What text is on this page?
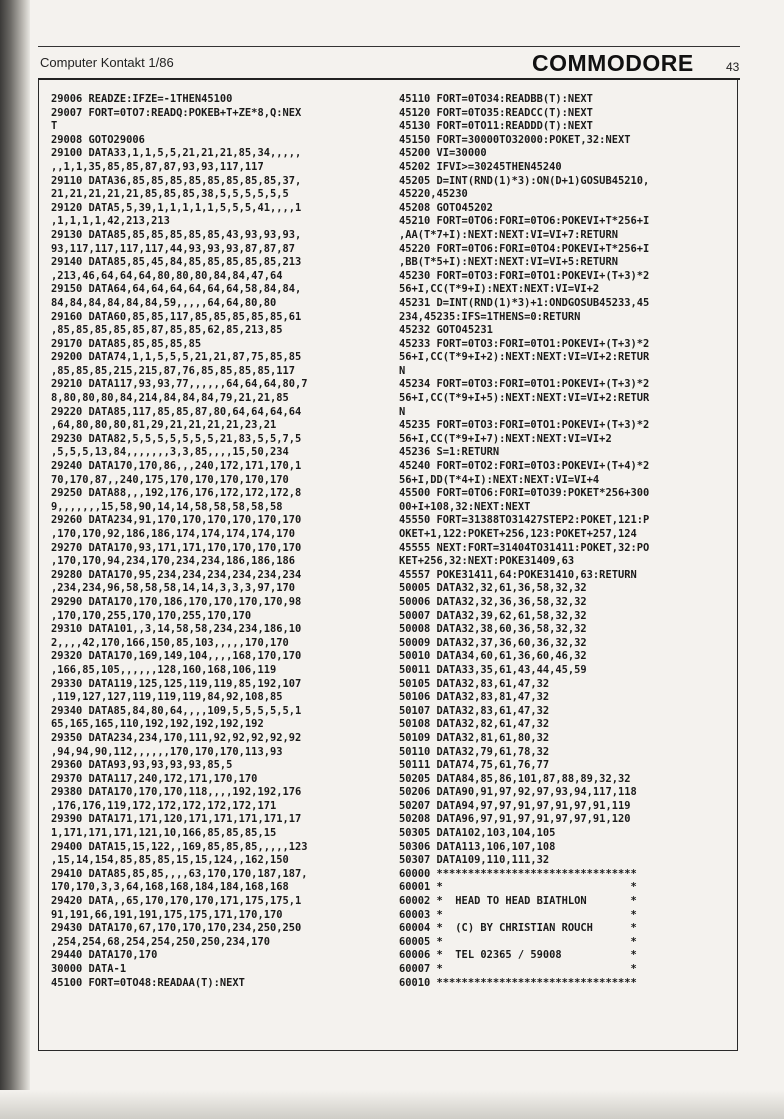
Computer Kontakt 1/86	COMMODORE	43
29006 READZE:IFZE=-1THEN45100
29007 FORT=0TO7:READQ:POKEB+T+ZE*8,Q:NEX
T
29008 GOTO29006
29100 DATA33,1,1,5,5,21,21,21,85,34,,,,,
,,1,1,35,85,85,87,87,93,93,117,117
29110 DATA36,85,85,85,85,85,85,85,85,37,
21,21,21,21,21,85,85,85,38,5,5,5,5,5,5
29120 DATA5,5,39,1,1,1,1,1,5,5,5,41,,,,1
,1,1,1,1,42,213,213
29130 DATA85,85,85,85,85,85,43,93,93,93,
93,117,117,117,117,44,93,93,93,87,87,87
29140 DATA85,85,45,84,85,85,85,85,85,213
,213,46,64,64,64,80,80,80,84,84,47,64
29150 DATA64,64,64,64,64,64,64,58,84,84,
84,84,84,84,84,84,59,,,,,64,64,80,80
29160 DATA60,85,85,117,85,85,85,85,85,61
,85,85,85,85,85,87,85,85,62,85,213,85
29170 DATA85,85,85,85,85
29200 DATA74,1,1,5,5,5,21,21,87,75,85,85
,85,85,85,215,215,87,76,85,85,85,85,117
29210 DATA117,93,93,77,,,,,,64,64,64,80,7
8,80,80,80,84,214,84,84,84,79,21,21,85
29220 DATA85,117,85,85,87,80,64,64,64,64
,64,80,80,80,81,29,21,21,21,21,23,21
29230 DATA82,5,5,5,5,5,5,5,21,83,5,5,7,5
,5,5,5,13,84,,,,,,,3,3,85,,,,15,50,234
29240 DATA170,170,86,,,240,172,171,170,1
70,170,87,,240,175,170,170,170,170,170
29250 DATA88,,,192,176,176,172,172,172,8
9,,,,,,,15,58,90,14,14,58,58,58,58,58
29260 DATA234,91,170,170,170,170,170,170
,170,170,92,186,186,174,174,174,174,170
29270 DATA170,93,171,171,170,170,170,170
,170,170,94,234,170,234,234,186,186,186
29280 DATA170,95,234,234,234,234,234,234
,234,234,96,58,58,58,14,14,3,3,3,97,170
29290 DATA170,170,186,170,170,170,170,98
,170,170,255,170,170,255,170,170
29310 DATA101,,3,14,58,58,234,234,186,10
2,,,,42,170,166,150,85,103,,,,,170,170
29320 DATA170,169,149,104,,,,168,170,170
,166,85,105,,,,,,128,160,168,106,119
29330 DATA119,125,125,119,119,85,192,107
,119,127,127,119,119,119,84,92,108,85
29340 DATA85,84,80,64,,,,109,5,5,5,5,5,1
65,165,165,110,192,192,192,192,192
29350 DATA234,234,170,111,92,92,92,92,92
,94,94,90,112,,,,,,170,170,170,113,93
29360 DATA93,93,93,93,93,85,5
29370 DATA117,240,172,171,170,170
29380 DATA170,170,170,118,,,,192,192,176
,176,176,119,172,172,172,172,172,171
29390 DATA171,171,120,171,171,171,171,17
1,171,171,171,121,10,166,85,85,85,15
29400 DATA15,15,122,,169,85,85,85,,,,,123
,15,14,154,85,85,85,15,15,124,,162,150
29410 DATA85,85,85,,,,63,170,170,187,187,
170,170,3,3,64,168,168,184,184,168,168
29420 DATA,,65,170,170,170,171,175,175,1
91,191,66,191,191,175,175,171,170,170
29430 DATA170,67,170,170,170,234,250,250
,254,254,68,254,254,250,250,234,170
29440 DATA170,170
30000 DATA-1
45100 FORT=0TO48:READAA(T):NEXT
45110 FORT=0TO34:READBB(T):NEXT
45120 FORT=0TO35:READCC(T):NEXT
45130 FORT=0TO11:READDD(T):NEXT
45150 FORT=30000TO32000:POKET,32:NEXT
45200 VI=30000
45202 IFVI>=30245THEN45240
45205 D=INT(RND(1)*3):ON(D+1)GOSUB45210,
45220,45230
45208 GOTO45202
45210 FORT=0TO6:FORI=0TO6:POKEVI+T*256+I
,AA(T*7+I):NEXT:NEXT:VI=VI+7:RETURN
45220 FORT=0TO6:FORI=0TO4:POKEVI+T*256+I
,BB(T*5+I):NEXT:NEXT:VI=VI+5:RETURN
45230 FORT=0TO3:FORI=0TO1:POKEVI+(T+3)*2
56+I,CC(T*9+I):NEXT:NEXT:VI=VI+2
45231 D=INT(RND(1)*3)+1:ONDGOSUB45233,45
234,45235:IFS=1THENS=0:RETURN
45232 GOTO45231
45233 FORT=0TO3:FORI=0TO1:POKEVI+(T+3)*2
56+I,CC(T*9+I+2):NEXT:NEXT:VI=VI+2:RETUR
N
45234 FORT=0TO3:FORI=0TO1:POKEVI+(T+3)*2
56+I,CC(T*9+I+5):NEXT:NEXT:VI=VI+2:RETUR
N
45235 FORT=0TO3:FORI=0TO1:POKEVI+(T+3)*2
56+I,CC(T*9+I+7):NEXT:NEXT:VI=VI+2
45236 S=1:RETURN
45240 FORT=0TO2:FORI=0TO3:POKEVI+(T+4)*2
56+I,DD(T*4+I):NEXT:NEXT:VI=VI+4
45500 FORT=0TO6:FORI=0TO39:POKET*256+300
00+I+108,32:NEXT:NEXT
45550 FORT=31388TO31427STEP2:POKET,121:P
OKET+1,122:POKET+256,123:POKET+257,124
45555 NEXT:FORT=31404TO31411:POKET,32:PO
KET+256,32:NEXT:POKE31409,63
45557 POKE31411,64:POKE31410,63:RETURN
50005 DATA32,32,61,36,58,32,32
50006 DATA32,32,36,36,58,32,32
50007 DATA32,39,62,61,58,32,32
50008 DATA32,38,60,36,58,32,32
50009 DATA32,37,36,60,36,32,32
50010 DATA34,60,61,36,60,46,32
50011 DATA33,35,61,43,44,45,59
50105 DATA32,83,61,47,32
50106 DATA32,83,81,47,32
50107 DATA32,83,61,47,32
50108 DATA32,82,61,47,32
50109 DATA32,81,61,80,32
50110 DATA32,79,61,78,32
50111 DATA74,75,61,76,77
50205 DATA84,85,86,101,87,88,89,32,32
50206 DATA90,91,97,92,97,93,94,117,118
50207 DATA94,97,97,91,97,91,97,91,119
50208 DATA96,97,91,97,91,97,97,91,120
50305 DATA102,103,104,105
50306 DATA113,106,107,108
50307 DATA109,110,111,32
60000 ********************************
60001 *                              *
60002 *  HEAD TO HEAD BIATHLON       *
60003 *                              *
60004 *  (C) BY CHRISTIAN ROUCH      *
60005 *                              *
60006 *  TEL 02365 / 59008           *
60007 *                              *
60010 ********************************
